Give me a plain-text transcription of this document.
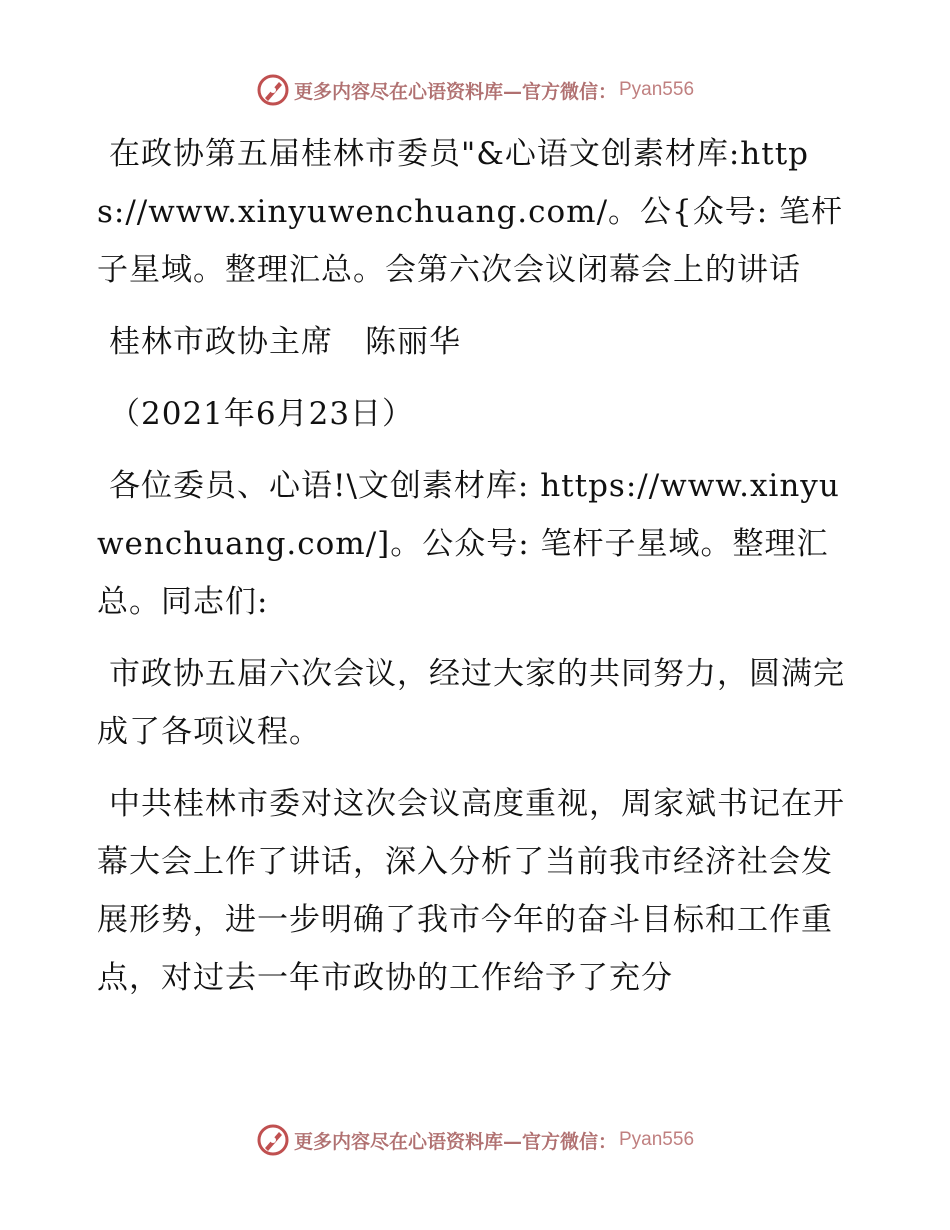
更多内容尽在心语资料库—官方微信： Pyan556

在政协第五届桂林市委员"&心语文创素材库:https://www.xinyuwenchuang.com/。公{众号: 笔杆子星域。整理汇总。会第六次会议闭幕会上的讲话

桂林市政协主席　陈丽华

（2021年6月23日）

各位委员、心语!\文创素材库: https://www.xinyuwenchuang.com/]。公众号: 笔杆子星域。整理汇总。同志们:

市政协五届六次会议，经过大家的共同努力，圆满完成了各项议程。

中共桂林市委对这次会议高度重视，周家斌书记在开幕大会上作了讲话，深入分析了当前我市经济社会发展形势，进一步明确了我市今年的奋斗目标和工作重点，对过去一年市政协的工作给予了充分

更多内容尽在心语资料库—官方微信： Pyan556
